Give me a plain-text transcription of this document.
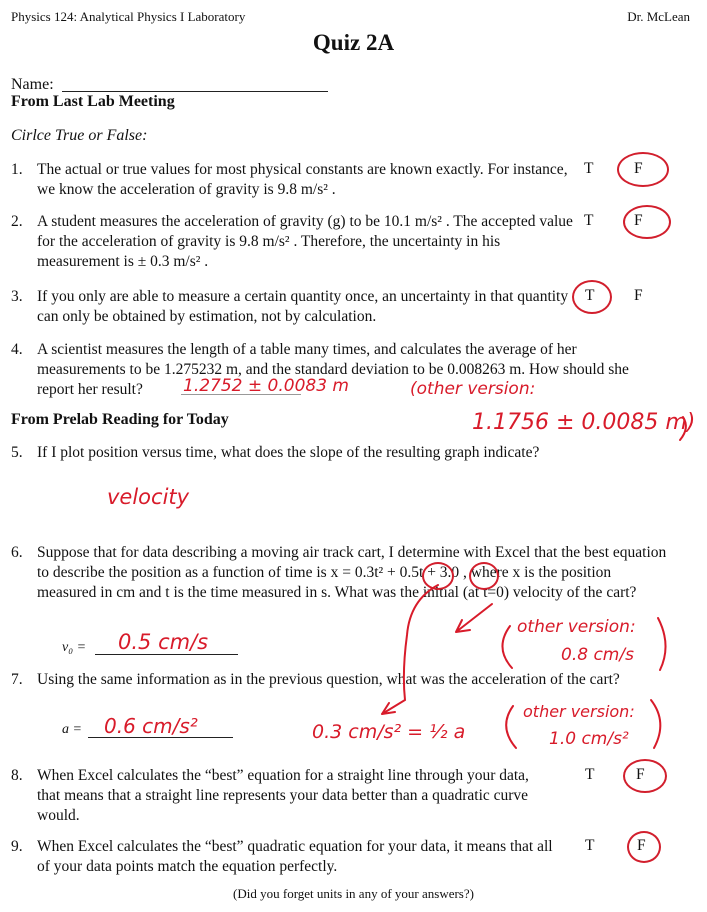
Physics 124: Analytical Physics I Laboratory	Dr. McLean
Quiz 2A
Name:
From Last Lab Meeting
Cirlce True or False:
1. The actual or true values for most physical constants are known exactly. For instance, we know the acceleration of gravity is 9.8 m/s² .
T	F
2. A student measures the acceleration of gravity (g) to be 10.1 m/s² . The accepted value for the acceleration of gravity is 9.8 m/s² . Therefore, the uncertainty in his measurement is ± 0.3 m/s² .
T	F
3. If you only are able to measure a certain quantity once, an uncertainty in that quantity can only be obtained by estimation, not by calculation.
T	F
4. A scientist measures the length of a table many times, and calculates the average of her measurements to be 1.275232 m, and the standard deviation to be 0.008263 m. How should she report her result?	1.2752 ± 0.0083 m	(other version:
1.1756 ± 0.0085 m)
From Prelab Reading for Today
5. If I plot position versus time, what does the slope of the resulting graph indicate?
velocity
6. Suppose that for data describing a moving air track cart, I determine with Excel that the best equation to describe the position as a function of time is x = 0.3t² + 0.5t + 3.0 , where x is the position measured in cm and t is the time measured in s. What was the initial (at t=0) velocity of the cart?
v₀ = 0.5 cm/s
other version:
0.8 cm/s
7. Using the same information as in the previous question, what was the acceleration of the cart?
a = 0.6 cm/s²	0.3 cm/s² = ½ a
other version:
1.0 cm/s²
8. When Excel calculates the “best” equation for a straight line through your data, that means that a straight line represents your data better than a quadratic curve would.
T	F
9. When Excel calculates the “best” quadratic equation for your data, it means that all of your data points match the equation perfectly.
T	F
(Did you forget units in any of your answers?)
